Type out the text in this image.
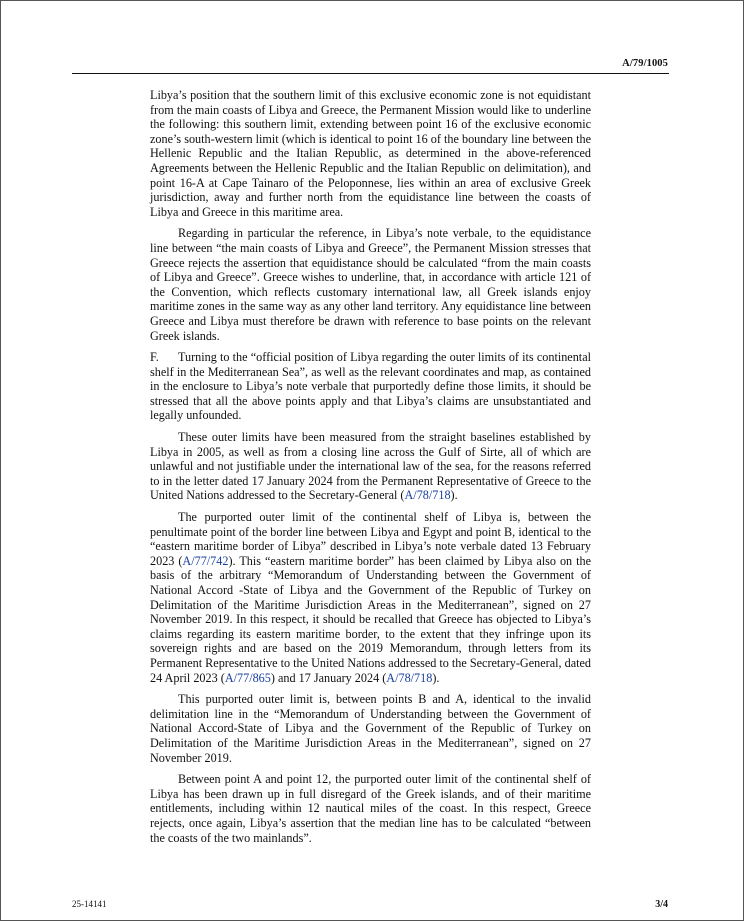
A/79/1005

Libya’s position that the southern limit of this exclusive economic zone is not equidistant from the main coasts of Libya and Greece, the Permanent Mission would like to underline the following: this southern limit, extending between point 16 of the exclusive economic zone’s south-western limit (which is identical to point 16 of the boundary line between the Hellenic Republic and the Italian Republic, as determined in the above-referenced Agreements between the Hellenic Republic and the Italian Republic on delimitation), and point 16-A at Cape Tainaro of the Peloponnese, lies within an area of exclusive Greek jurisdiction, away and further north from the equidistance line between the coasts of Libya and Greece in this maritime area.

Regarding in particular the reference, in Libya’s note verbale, to the equidistance line between “the main coasts of Libya and Greece”, the Permanent Mission stresses that Greece rejects the assertion that equidistance should be calculated “from the main coasts of Libya and Greece”. Greece wishes to underline, that, in accordance with article 121 of the Convention, which reflects customary international law, all Greek islands enjoy maritime zones in the same way as any other land territory. Any equidistance line between Greece and Libya must therefore be drawn with reference to base points on the relevant Greek islands.

F. Turning to the “official position of Libya regarding the outer limits of its continental shelf in the Mediterranean Sea”, as well as the relevant coordinates and map, as contained in the enclosure to Libya’s note verbale that purportedly define those limits, it should be stressed that all the above points apply and that Libya’s claims are unsubstantiated and legally unfounded.

These outer limits have been measured from the straight baselines established by Libya in 2005, as well as from a closing line across the Gulf of Sirte, all of which are unlawful and not justifiable under the international law of the sea, for the reasons referred to in the letter dated 17 January 2024 from the Permanent Representative of Greece to the United Nations addressed to the Secretary-General (A/78/718).

The purported outer limit of the continental shelf of Libya is, between the penultimate point of the border line between Libya and Egypt and point B, identical to the “eastern maritime border of Libya” described in Libya’s note verbale dated 13 February 2023 (A/77/742). This “eastern maritime border” has been claimed by Libya also on the basis of the arbitrary “Memorandum of Understanding between the Government of National Accord -State of Libya and the Government of the Republic of Turkey on Delimitation of the Maritime Jurisdiction Areas in the Mediterranean”, signed on 27 November 2019. In this respect, it should be recalled that Greece has objected to Libya’s claims regarding its eastern maritime border, to the extent that they infringe upon its sovereign rights and are based on the 2019 Memorandum, through letters from its Permanent Representative to the United Nations addressed to the Secretary-General, dated 24 April 2023 (A/77/865) and 17 January 2024 (A/78/718).

This purported outer limit is, between points B and A, identical to the invalid delimitation line in the “Memorandum of Understanding between the Government of National Accord-State of Libya and the Government of the Republic of Turkey on Delimitation of the Maritime Jurisdiction Areas in the Mediterranean”, signed on 27 November 2019.

Between point A and point 12, the purported outer limit of the continental shelf of Libya has been drawn up in full disregard of the Greek islands, and of their maritime entitlements, including within 12 nautical miles of the coast. In this respect, Greece rejects, once again, Libya’s assertion that the median line has to be calculated “between the coasts of the two mainlands”.

25-14141	3/4
